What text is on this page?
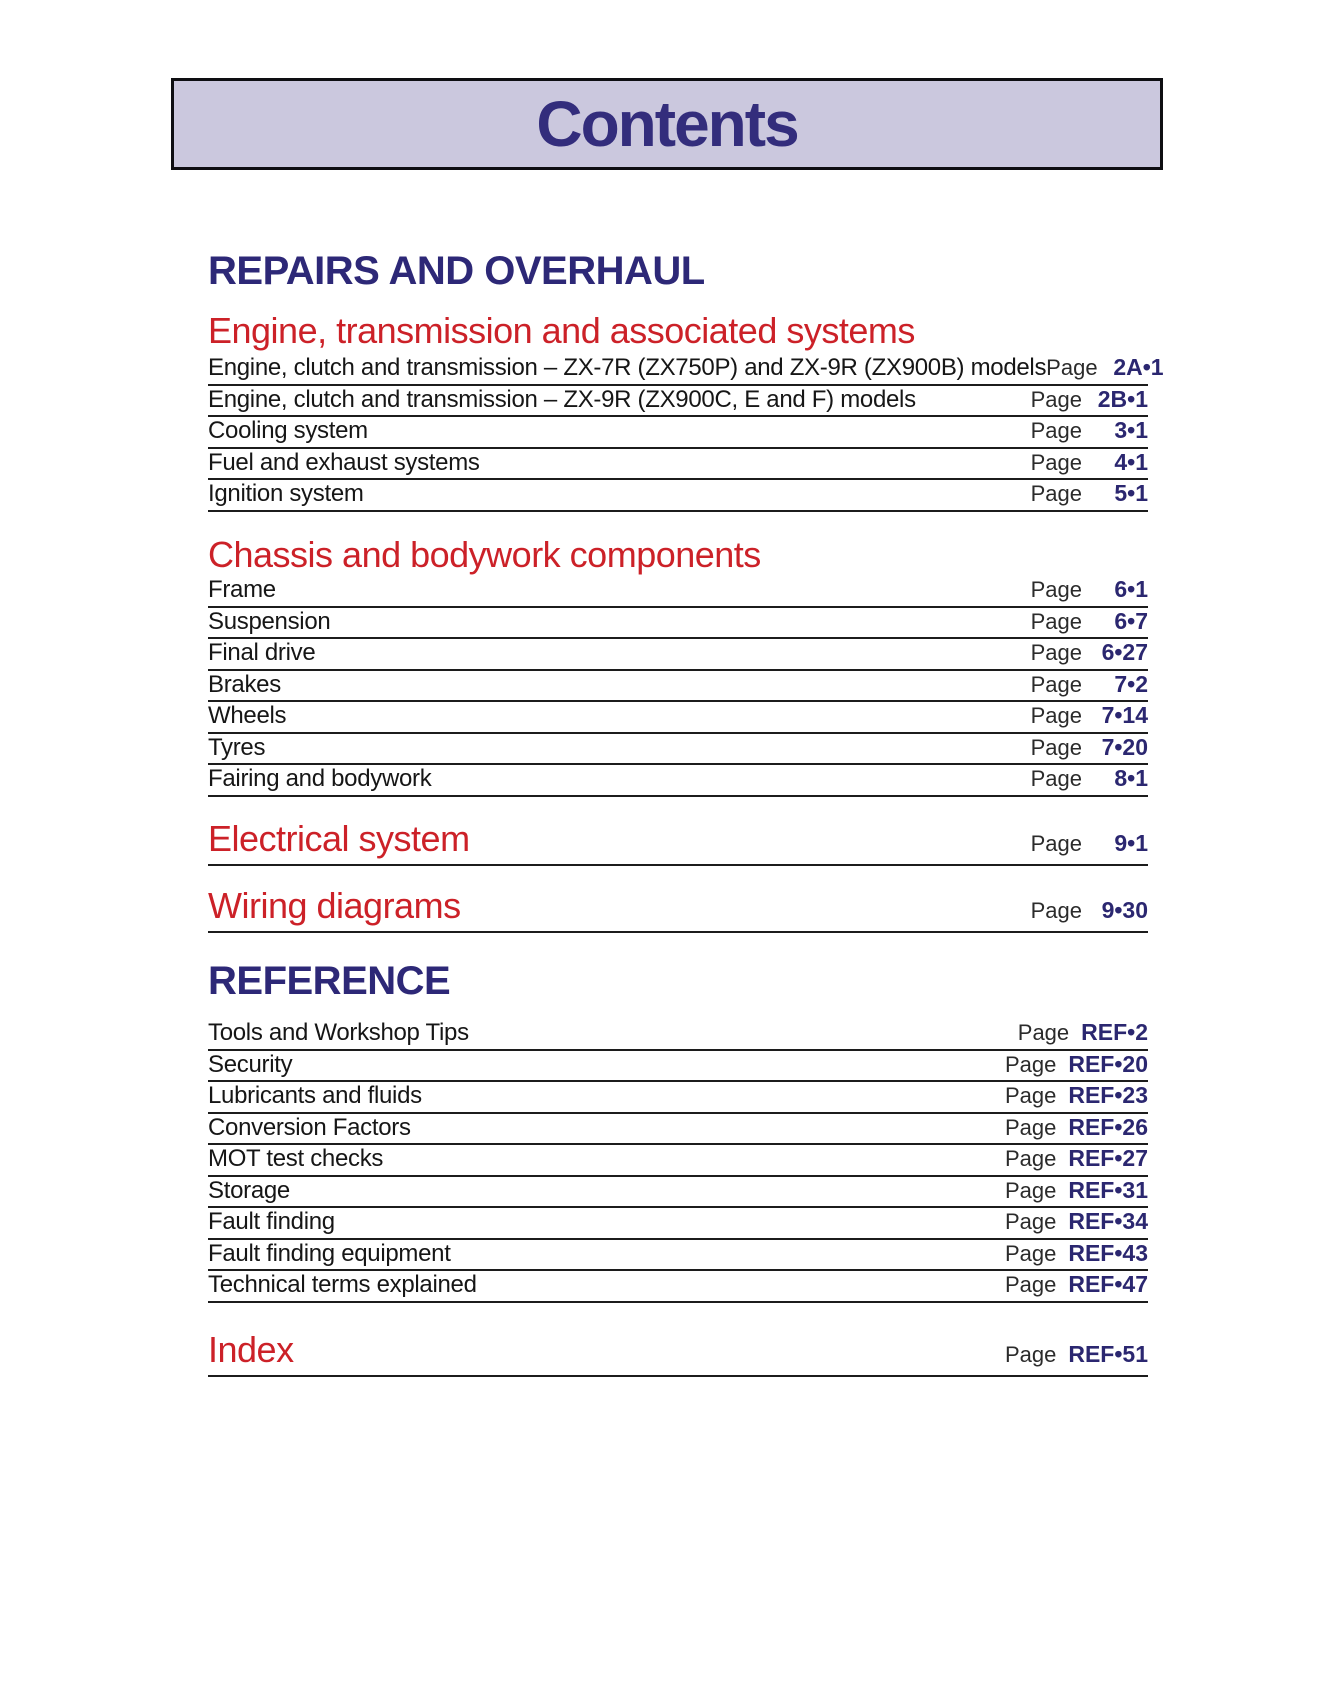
Contents
REPAIRS AND OVERHAUL
Engine, transmission and associated systems
Engine, clutch and transmission – ZX-7R (ZX750P) and ZX-9R (ZX900B) models Page 2A•1
Engine, clutch and transmission – ZX-9R (ZX900C, E and F) models	Page 2B•1
Cooling system	Page	3•1
Fuel and exhaust systems	Page	4•1
Ignition system	Page	5•1
Chassis and bodywork components
Frame	Page	6•1
Suspension	Page	6•7
Final drive	Page 6•27
Brakes	Page	7•2
Wheels	Page 7•14
Tyres	Page 7•20
Fairing and bodywork	Page	8•1
Electrical system	Page	9•1
Wiring diagrams	Page 9•30
REFERENCE
Tools and Workshop Tips	Page REF•2
Security	Page REF•20
Lubricants and fluids	Page REF•23
Conversion Factors	Page REF•26
MOT test checks	Page REF•27
Storage	Page REF•31
Fault finding	Page REF•34
Fault finding equipment	Page REF•43
Technical terms explained	Page REF•47
Index	Page REF•51
